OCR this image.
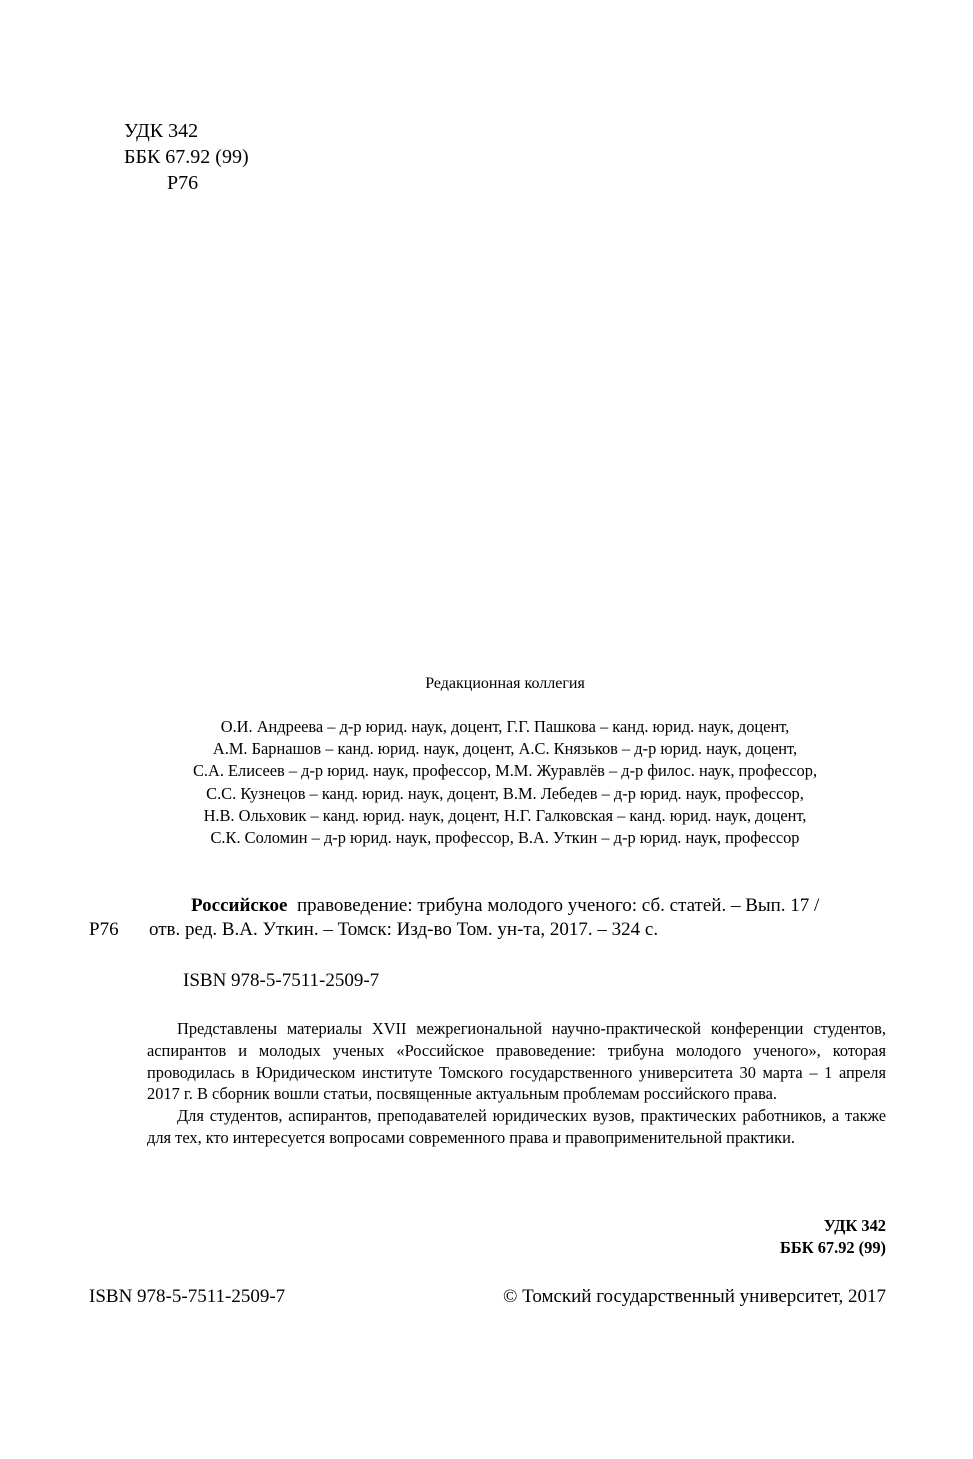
УДК 342
ББК 67.92 (99)
Р76
Редакционная коллегия
О.И. Андреева – д-р юрид. наук, доцент, Г.Г. Пашкова – канд. юрид. наук, доцент,
А.М. Барнашов – канд. юрид. наук, доцент, А.С. Князьков – д-р юрид. наук, доцент,
С.А. Елисеев – д-р юрид. наук, профессор, М.М. Журавлёв – д-р филос. наук, профессор,
С.С. Кузнецов – канд. юрид. наук, доцент, В.М. Лебедев – д-р юрид. наук, профессор,
Н.В. Ольховик – канд. юрид. наук, доцент, Н.Г. Галковская – канд. юрид. наук, доцент,
С.К. Соломин – д-р юрид. наук, профессор, В.А. Уткин – д-р юрид. наук, профессор
Российское правоведение: трибуна молодого ученого: сб. статей. – Вып. 17 /
Р76 отв. ред. В.А. Уткин. – Томск: Изд-во Том. ун-та, 2017. – 324 с.
ISBN 978-5-7511-2509-7

Представлены материалы XVII межрегиональной научно-практической конференции студентов, аспирантов и молодых ученых «Российское правоведение: трибуна молодого ученого», которая проводилась в Юридическом институте Томского государственного университета 30 марта – 1 апреля 2017 г. В сборник вошли статьи, посвященные актуальным проблемам российского права.

Для студентов, аспирантов, преподавателей юридических вузов, практических работников, а также для тех, кто интересуется вопросами современного права и правоприменительной практики.

УДК 342
ББК 67.92 (99)
ISBN 978-5-7511-2509-7	© Томский государственный университет, 2017
